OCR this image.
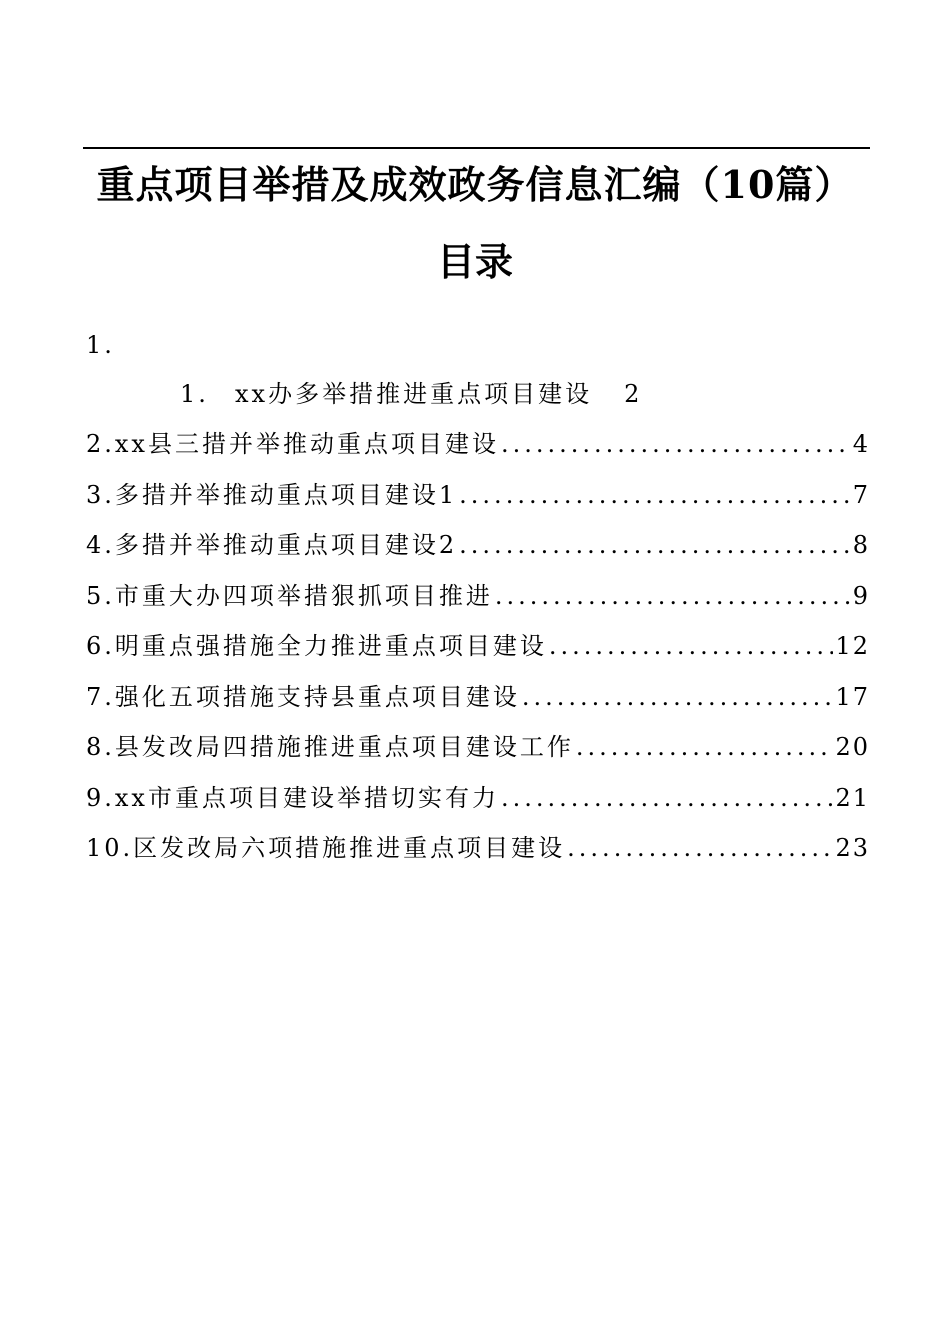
重点项目举措及成效政务信息汇编（10篇）
目录
1.
1. xx办多举措推进重点项目建设 2
2.xx县三措并举推动重点项目建设 .....	4
3.多措并举推动重点项目建设1 .....	7
4.多措并举推动重点项目建设2 .....	8
5.市重大办四项举措狠抓项目推进 .....	9
6.明重点强措施全力推进重点项目建设 .....	12
7.强化五项措施支持县重点项目建设 .....	17
8.县发改局四措施推进重点项目建设工作 .....	20
9.xx市重点项目建设举措切实有力 .....	21
10.区发改局六项措施推进重点项目建设 .....	23
